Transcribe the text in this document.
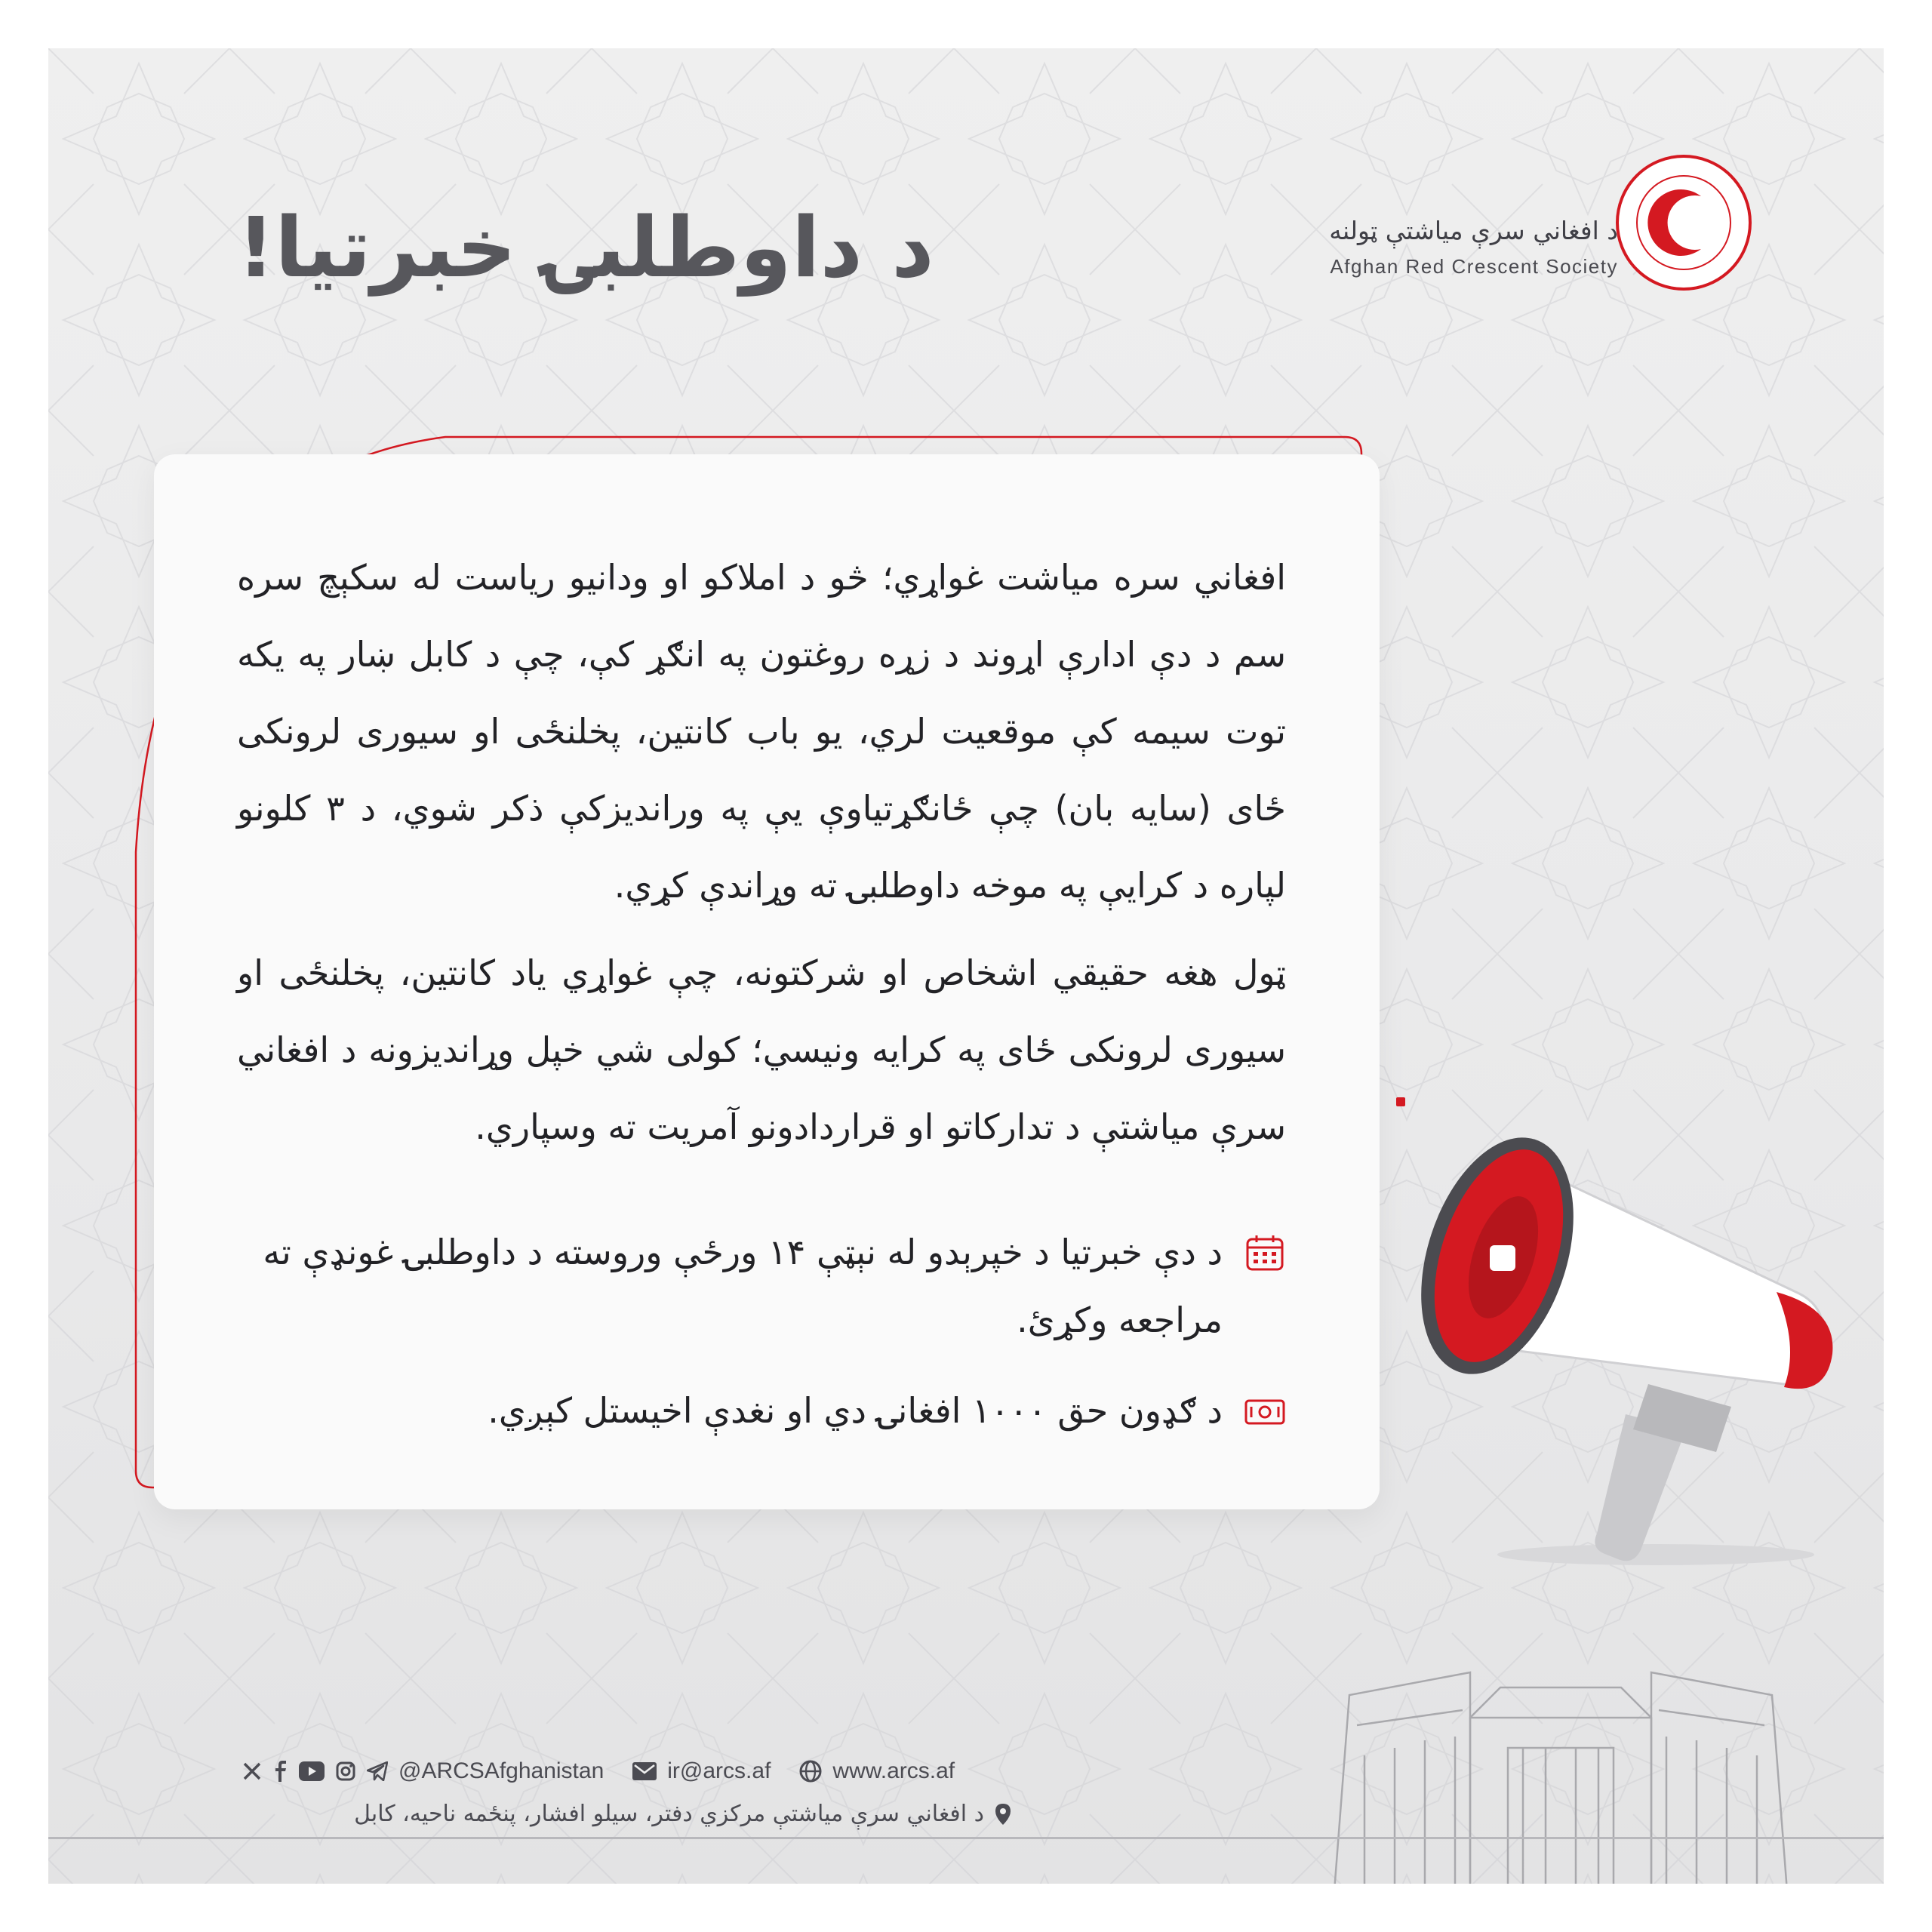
د افغاني سرې میاشتې ټولنه
Afghan Red Crescent Society
د داوطلبۍ خبرتیا!

افغاني سره میاشت غواړي؛ څو د املاکو او ودانیو ریاست له سکېچ سره سم د دې ادارې اړوند د زړه روغتون په انګړ کې، چې د کابل ښار په یکه توت سیمه کې موقعیت لري، یو باب کانتین، پخلنځی او سیوری لرونکی ځای (سایه بان) چې ځانګړتیاوې یې په ورانديزكې ذکر شوي، د ۳ کلونو لپاره د کرایې په موخه داوطلبۍ ته وړاندې کړي.

ټول هغه حقیقي اشخاص او شرکتونه، چې غواړي یاد کانتین، پخلنځی او سیوری لرونکی ځای په کرایه ونیسي؛ کولی شي خپل وړاندیزونه د افغاني سرې میاشتې د تدارکاتو او قراردادونو آمریت ته وسپاري.

د دې خبرتیا د خپرېدو له نېټې ۱۴ ورځې وروسته د داوطلبۍ غونډې ته مراجعه وکړئ.
د ګډون حق ۱۰۰۰ افغانۍ دي او نغدې اخیستل کېږي.
@ARCSAfghanistan	ir@arcs.af	www.arcs.af
د افغاني سرې میاشتې مرکزي دفتر، سیلو افشار، پنځمه ناحیه، کابل
